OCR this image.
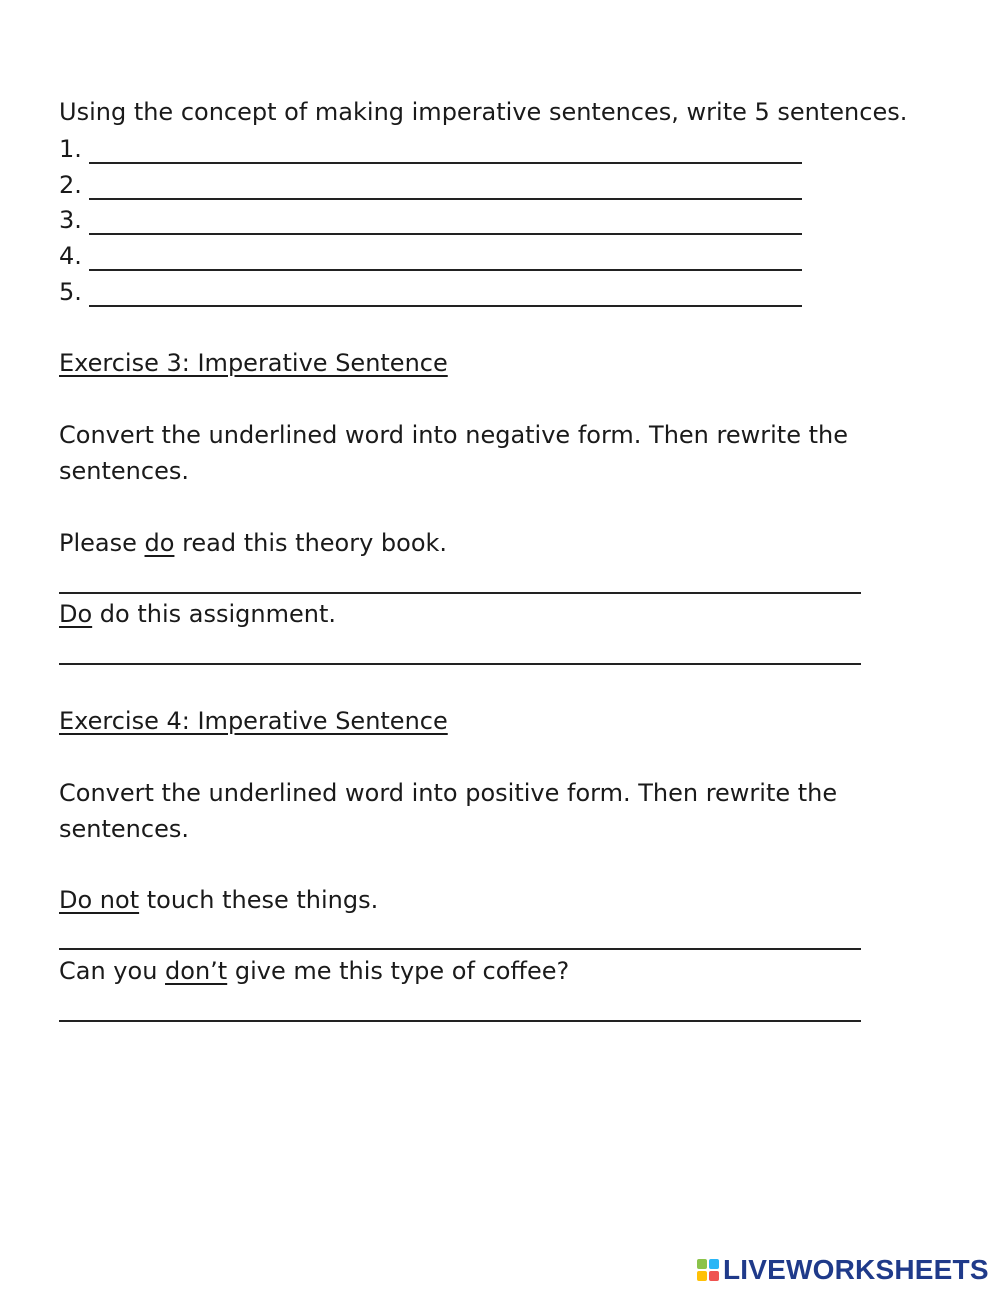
Using the concept of making imperative sentences, write 5 sentences.
1.
2.
3.
4.
5.
Exercise 3: Imperative Sentence
Convert the underlined word into negative form. Then rewrite the
sentences.
Please do read this theory book.
Do do this assignment.
Exercise 4: Imperative Sentence
Convert the underlined word into positive form. Then rewrite the
sentences.
Do not touch these things.
Can you don’t give me this type of coffee?
LIVEWORKSHEETS
